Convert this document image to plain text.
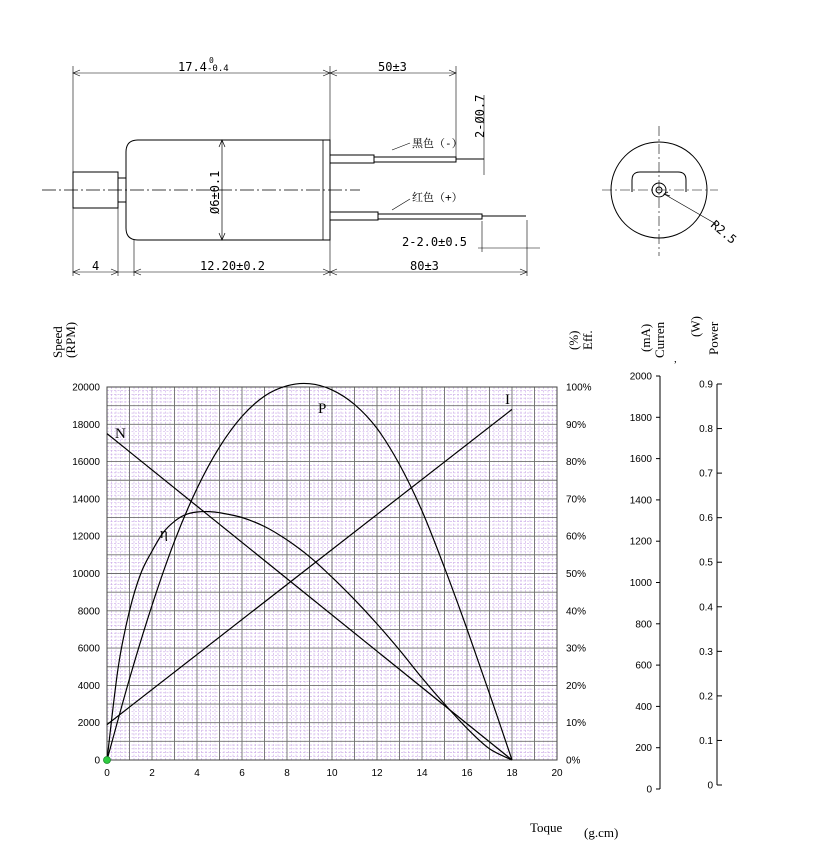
17.4 0
-0.4	50±3
2-Ø0.7
黑色（-）
红色（+）
Ø6±0.1
4	12.20±0.2	80±3
2-2.0±0.5	R2.5
0
2000
4000
6000
8000
10000
12000
14000
16000
18000
20000
0%
10%
20%
30%
40%
50%
60%
70%
80%
90%
100%
0	2	4	6	8	10	12	14	16	18	20
0
200
400
600
800
1000
1200
1400
1600
1800
2000
0
0.1
0.2
0.3
0.4
0.5
0.6
0.7
0.8
0.9
N
I
P
η
Speed
(RPM)	(%) Eff.	(mA) Curren
,
(W) Power
Toque (g.cm)
